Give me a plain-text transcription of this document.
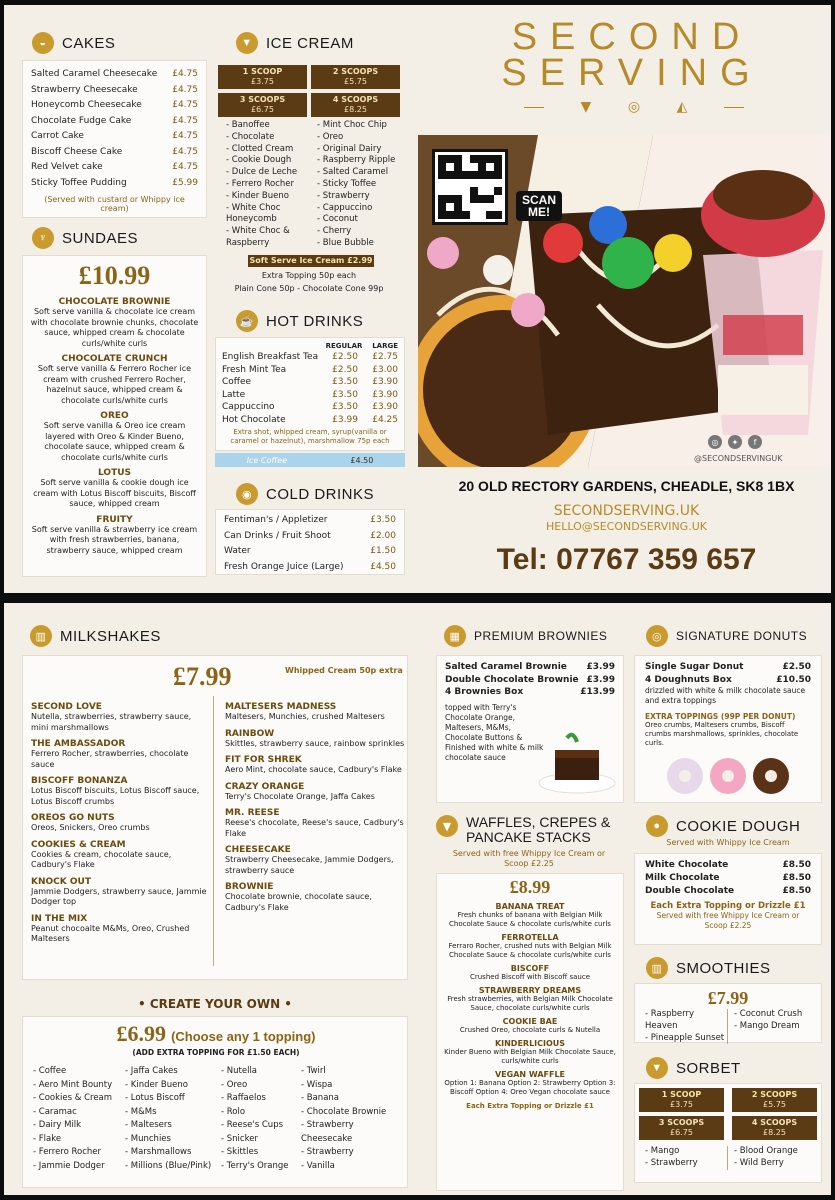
◒	CAKES
Salted Caramel Cheesecake £4.75
Strawberry Cheesecake	£4.75
Honeycomb Cheesecake	£4.75
Chocolate Fudge Cake	£4.75
Carrot Cake	£4.75
Biscoff Cheese Cake	£4.75
Red Velvet cake	£4.75
Sticky Toffee Pudding	£5.99
(Served with custard or Whippy ice cream)
♆ SUNDAES
£10.99
CHOCOLATE BROWNIE
Soft serve vanilla & chocolate ice cream with chocolate brownie chunks, chocolate sauce, whipped cream & chocolate curls/white curls
CHOCOLATE CRUNCH
Soft serve vanilla & Ferrero Rocher ice cream with crushed Ferrero Rocher, hazelnut sauce, whipped cream & chocolate curls/white curls
OREO
Soft serve vanilla & Oreo ice cream layered with Oreo & Kinder Bueno, chocolate sauce, whipped cream & chocolate curls/white curls
LOTUS
Soft serve vanilla & cookie dough ice cream with Lotus Biscoff biscuits, Biscoff sauce, whipped cream
FRUITY
Soft serve vanilla & strawberry ice cream with fresh strawberries, banana, strawberry sauce, whipped cream
▼ ICE CREAM
1 SCOOP
£3.75
2 SCOOPS
£5.75
3 SCOOPS
£6.75
4 SCOOPS
£8.25
- Banoffee
- Chocolate
- Clotted Cream
- Cookie Dough
- Dulce de Leche
- Ferrero Rocher
- Kinder Bueno
- White Choc Honeycomb
- White Choc & Raspberry
- Mint Choc Chip
- Oreo
- Original Dairy
- Raspberry Ripple
- Salted Caramel
- Sticky Toffee
- Strawberry
- Cappuccino
- Coconut
- Cherry
- Blue Bubble
Soft Serve Ice Cream £2.99
Extra Topping 50p each
Plain Cone 50p - Chocolate Cone 99p
☕ HOT DRINKS
REGULAR LARGE
English Breakfast Tea £2.50 £2.75
Fresh Mint Tea	£2.50 £3.00
Coffee	£3.50 £3.90
Latte	£3.50 £3.90
Cappuccino	£3.50 £3.90
Hot Chocolate	£3.99 £4.25
Extra shot, whipped cream, syrup(vanilla or caramel or hazelnut), marshmallow 75p each
Ice Coffee	£4.50
◉ COLD DRINKS
Fentiman's / Appletizer	£3.50
Can Drinks / Fruit Shoot	£2.00
Water	£1.50
Fresh Orange Juice (Large)	£4.50
SECOND
SERVING
▼	◎	◭
SCAN ME!
◎	✦	f
@SECONDSERVINGUK
20 OLD RECTORY GARDENS, CHEADLE, SK8 1BX
SECONDSERVING.UK
HELLO@SECONDSERVING.UK
Tel: 07767 359 657
▥ MILKSHAKES
£7.99	Whipped Cream 50p extra
SECOND LOVE
Nutella, strawberries, strawberry sauce, mini marshmallows
THE AMBASSADOR
Ferrero Rocher, strawberries, chocolate sauce
BISCOFF BONANZA
Lotus Biscoff biscuits, Lotus Biscoff sauce, Lotus Biscoff crumbs
OREOS GO NUTS
Oreos, Snickers, Oreo crumbs
COOKIES & CREAM
Cookies & cream, chocolate sauce, Cadbury's Flake
KNOCK OUT
Jammie Dodgers, strawberry sauce, Jammie Dodger top
IN THE MIX
Peanut chocoalte M&Ms, Oreo, Crushed Maltesers
MALTESERS MADNESS
Maltesers, Munchies, crushed Maltesers
RAINBOW
Skittles, strawberry sauce, rainbow sprinkles
FIT FOR SHREK
Aero Mint, chocolate sauce, Cadbury's Flake
CRAZY ORANGE
Terry's Chocolate Orange, Jaffa Cakes
MR. REESE
Reese's chocolate, Reese's sauce, Cadbury's Flake
CHEESECAKE
Strawberry Cheesecake, Jammie Dodgers, strawberry sauce
BROWNIE
Chocolate brownie, chocolate sauce, Cadbury's Flake
• CREATE YOUR OWN •
£6.99 (Choose any 1 topping)
(ADD EXTRA TOPPING FOR £1.50 EACH)
- Coffee
- Aero Mint Bounty
- Cookies & Cream
- Caramac
- Dairy Milk
- Flake
- Ferrero Rocher
- Jammie Dodger
- Jaffa Cakes
- Kinder Bueno
- Lotus Biscoff
- M&Ms
- Maltesers
- Munchies
- Marshmallows
- Millions (Blue/Pink)
- Nutella
- Oreo
- Raffaelos
- Rolo
- Reese's Cups
- Snicker
- Skittles
- Terry's Orange
- Twirl
- Wispa
- Banana
- Chocolate Brownie
- Strawberry Cheesecake
- Strawberry
- Vanilla
▦	PREMIUM BROWNIES
Salted Caramel Brownie £3.99
Double Chocolate Brownie £3.99
4 Brownies Box	£13.99
topped with Terry's Chocolate Orange, Maltesers, M&Ms, Chocolate Buttons & Finished with white & milk chocolate sauce
◎	SIGNATURE DONUTS
Single Sugar Donut	£2.50
4 Doughnuts Box	£10.50
drizzled with white & milk chocolate sauce and extra toppings
EXTRA TOPPINGS (99P PER DONUT)
Oreo crumbs, Maltesers crumbs, Biscoff crumbs marshmallows, sprinkles, chocolate curls.
▼	WAFFLES, CREPES &
PANCAKE STACKS
Served with free Whippy Ice Cream or Scoop £2.25
£8.99
BANANA TREAT
Fresh chunks of banana with Belgian Milk Chocolate Sauce & chocolate curls/white curls
FERROTELLA
Ferraro Rocher, crushed nuts with Belgian Milk Chocolate Sauce & chocolate curls/white curls
BISCOFF
Crushed Biscoff with Biscoff sauce
STRAWBERRY DREAMS
Fresh strawberries, with Belgian Milk Chocolate Sauce, chocolate curls/white curls
COOKIE BAE
Crushed Oreo, chocolate curls & Nutella
KINDERLICIOUS
Kinder Bueno with Belgian Milk Chocolate Sauce, curls/white curls
VEGAN WAFFLE
Option 1: Banana Option 2: Strawberry Option 3: Biscoff Option 4: Oreo Vegan chocolate sauce
Each Extra Topping or Drizzle £1
●	COOKIE DOUGH
Served with Whippy Ice Cream
White Chocolate	£8.50
Milk Chocolate	£8.50
Double Chocolate	£8.50
Each Extra Topping or Drizzle £1
Served with free Whippy Ice Cream or Scoop £2.25
▥ SMOOTHIES
£7.99
- Raspberry Heaven
- Pineapple Sunset
- Coconut Crush
- Mango Dream
▼ SORBET
1 SCOOP
£3.75
2 SCOOPS
£5.75
3 SCOOPS
£6.75
4 SCOOPS
£8.25
- Mango
- Strawberry
- Blood Orange
- Wild Berry
